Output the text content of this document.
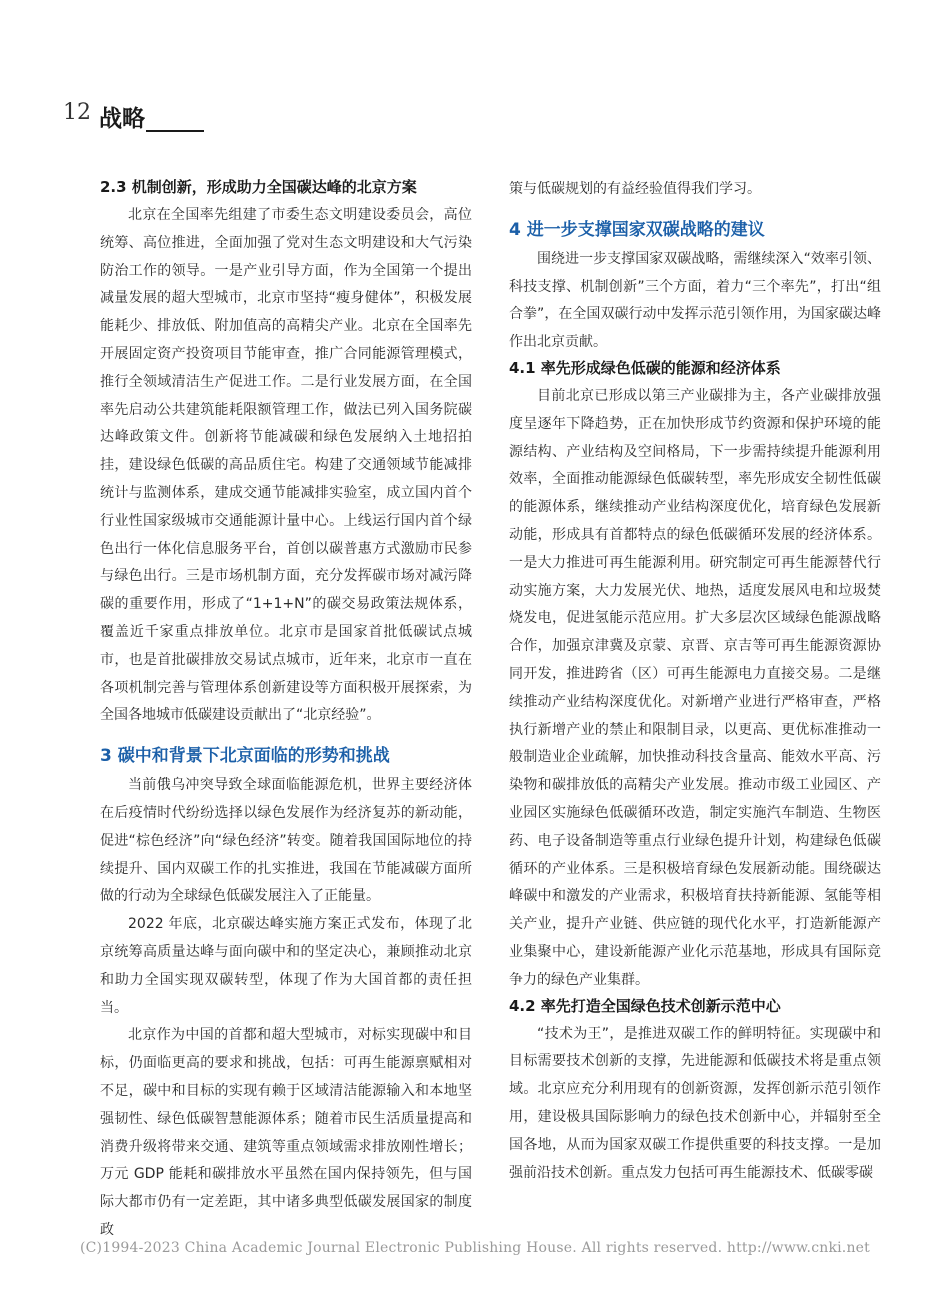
12 战略
2.3 机制创新，形成助力全国碳达峰的北京方案

北京在全国率先组建了市委生态文明建设委员会，高位统筹、高位推进，全面加强了党对生态文明建设和大气污染防治工作的领导。一是产业引导方面，作为全国第一个提出减量发展的超大型城市，北京市坚持“瘦身健体”，积极发展能耗少、排放低、附加值高的高精尖产业。北京在全国率先开展固定资产投资项目节能审查，推广合同能源管理模式，推行全领域清洁生产促进工作。二是行业发展方面，在全国率先启动公共建筑能耗限额管理工作，做法已列入国务院碳达峰政策文件。创新将节能减碳和绿色发展纳入土地招拍挂，建设绿色低碳的高品质住宅。构建了交通领域节能减排统计与监测体系，建成交通节能减排实验室，成立国内首个行业性国家级城市交通能源计量中心。上线运行国内首个绿色出行一体化信息服务平台，首创以碳普惠方式激励市民参与绿色出行。三是市场机制方面，充分发挥碳市场对减污降碳的重要作用，形成了“1+1+N”的碳交易政策法规体系，覆盖近千家重点排放单位。北京市是国家首批低碳试点城市，也是首批碳排放交易试点城市，近年来，北京市一直在各项机制完善与管理体系创新建设等方面积极开展探索，为全国各地城市低碳建设贡献出了“北京经验”。

3 碳中和背景下北京面临的形势和挑战

当前俄乌冲突导致全球面临能源危机，世界主要经济体在后疫情时代纷纷选择以绿色发展作为经济复苏的新动能，促进“棕色经济”向“绿色经济”转变。随着我国国际地位的持续提升、国内双碳工作的扎实推进，我国在节能减碳方面所做的行动为全球绿色低碳发展注入了正能量。

2022 年底，北京碳达峰实施方案正式发布，体现了北京统筹高质量达峰与面向碳中和的坚定决心，兼顾推动北京和助力全国实现双碳转型，体现了作为大国首都的责任担当。

北京作为中国的首都和超大型城市，对标实现碳中和目标，仍面临更高的要求和挑战，包括：可再生能源禀赋相对不足，碳中和目标的实现有赖于区域清洁能源输入和本地坚强韧性、绿色低碳智慧能源体系；随着市民生活质量提高和消费升级将带来交通、建筑等重点领域需求排放刚性增长；万元 GDP 能耗和碳排放水平虽然在国内保持领先，但与国际大都市仍有一定差距，其中诸多典型低碳发展国家的制度政

策与低碳规划的有益经验值得我们学习。

4 进一步支撑国家双碳战略的建议

围绕进一步支撑国家双碳战略，需继续深入“效率引领、科技支撑、机制创新”三个方面，着力“三个率先”，打出“组合拳”，在全国双碳行动中发挥示范引领作用，为国家碳达峰作出北京贡献。

4.1 率先形成绿色低碳的能源和经济体系

目前北京已形成以第三产业碳排为主，各产业碳排放强度呈逐年下降趋势，正在加快形成节约资源和保护环境的能源结构、产业结构及空间格局，下一步需持续提升能源利用效率，全面推动能源绿色低碳转型，率先形成安全韧性低碳的能源体系，继续推动产业结构深度优化，培育绿色发展新动能，形成具有首都特点的绿色低碳循环发展的经济体系。一是大力推进可再生能源利用。研究制定可再生能源替代行动实施方案，大力发展光伏、地热，适度发展风电和垃圾焚烧发电，促进氢能示范应用。扩大多层次区域绿色能源战略合作，加强京津冀及京蒙、京晋、京吉等可再生能源资源协同开发，推进跨省（区）可再生能源电力直接交易。二是继续推动产业结构深度优化。对新增产业进行严格审查，严格执行新增产业的禁止和限制目录，以更高、更优标准推动一般制造业企业疏解，加快推动科技含量高、能效水平高、污染物和碳排放低的高精尖产业发展。推动市级工业园区、产业园区实施绿色低碳循环改造，制定实施汽车制造、生物医药、电子设备制造等重点行业绿色提升计划，构建绿色低碳循环的产业体系。三是积极培育绿色发展新动能。围绕碳达峰碳中和激发的产业需求，积极培育扶持新能源、氢能等相关产业，提升产业链、供应链的现代化水平，打造新能源产业集聚中心，建设新能源产业化示范基地，形成具有国际竞争力的绿色产业集群。

4.2 率先打造全国绿色技术创新示范中心

“技术为王”，是推进双碳工作的鲜明特征。实现碳中和目标需要技术创新的支撑，先进能源和低碳技术将是重点领域。北京应充分利用现有的创新资源，发挥创新示范引领作用，建设极具国际影响力的绿色技术创新中心，并辐射至全国各地，从而为国家双碳工作提供重要的科技支撑。一是加强前沿技术创新。重点发力包括可再生能源技术、低碳零碳

(C)1994-2023 China Academic Journal Electronic Publishing House. All rights reserved. http://www.cnki.net
